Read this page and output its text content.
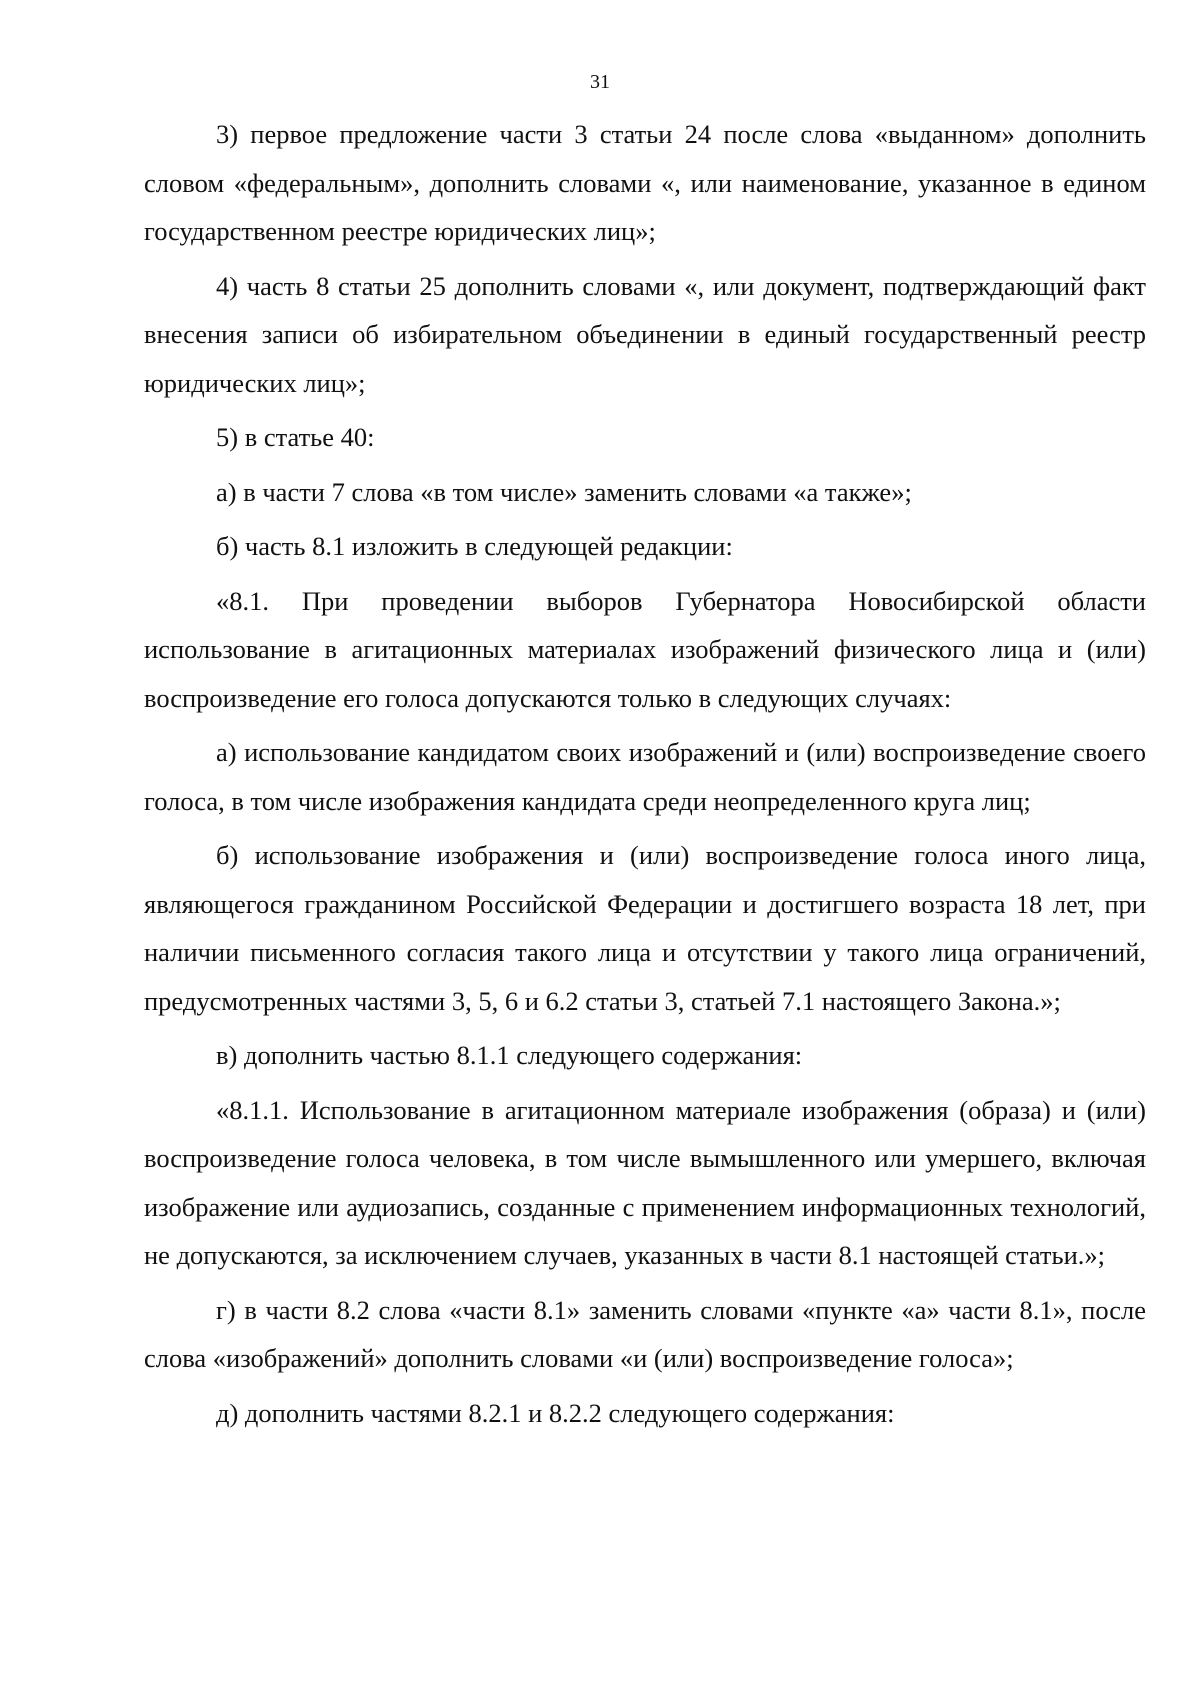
31

3) первое предложение части 3 статьи 24 после слова «выданном» дополнить словом «федеральным», дополнить словами «, или наименование, указанное в едином государственном реестре юридических лиц»;

4) часть 8 статьи 25 дополнить словами «, или документ, подтверждающий факт внесения записи об избирательном объединении в единый государственный реестр юридических лиц»;

5) в статье 40:

а) в части 7 слова «в том числе» заменить словами «а также»;

б) часть 8.1 изложить в следующей редакции:

«8.1. При проведении выборов Губернатора Новосибирской области использование в агитационных материалах изображений физического лица и (или) воспроизведение его голоса допускаются только в следующих случаях:

а) использование кандидатом своих изображений и (или) воспроизведение своего голоса, в том числе изображения кандидата среди неопределенного круга лиц;

б) использование изображения и (или) воспроизведение голоса иного лица, являющегося гражданином Российской Федерации и достигшего возраста 18 лет, при наличии письменного согласия такого лица и отсутствии у такого лица ограничений, предусмотренных частями 3, 5, 6 и 6.2 статьи 3, статьей 7.1 настоящего Закона.»;

в) дополнить частью 8.1.1 следующего содержания:

«8.1.1. Использование в агитационном материале изображения (образа) и (или) воспроизведение голоса человека, в том числе вымышленного или умершего, включая изображение или аудиозапись, созданные с применением информационных технологий, не допускаются, за исключением случаев, указанных в части 8.1 настоящей статьи.»;

г) в части 8.2 слова «части 8.1» заменить словами «пункте «а» части 8.1», после слова «изображений» дополнить словами «и (или) воспроизведение голоса»;

д) дополнить частями 8.2.1 и 8.2.2 следующего содержания:
